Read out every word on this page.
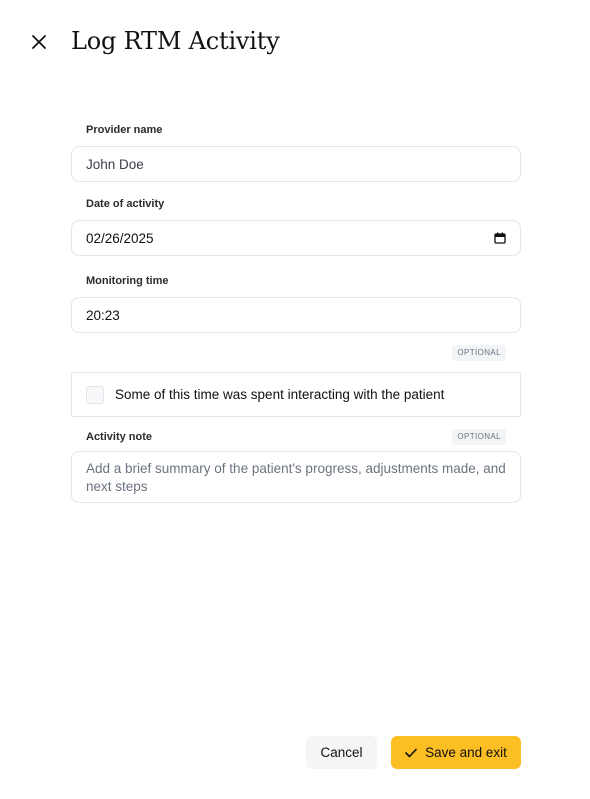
Log RTM Activity
Provider name
John Doe
Date of activity
02/26/2025
Monitoring time
20:23
OPTIONAL
Some of this time was spent interacting with the patient
Activity note	OPTIONAL
Add a brief summary of the patient's progress, adjustments made, and next steps
Cancel	Save and exit
